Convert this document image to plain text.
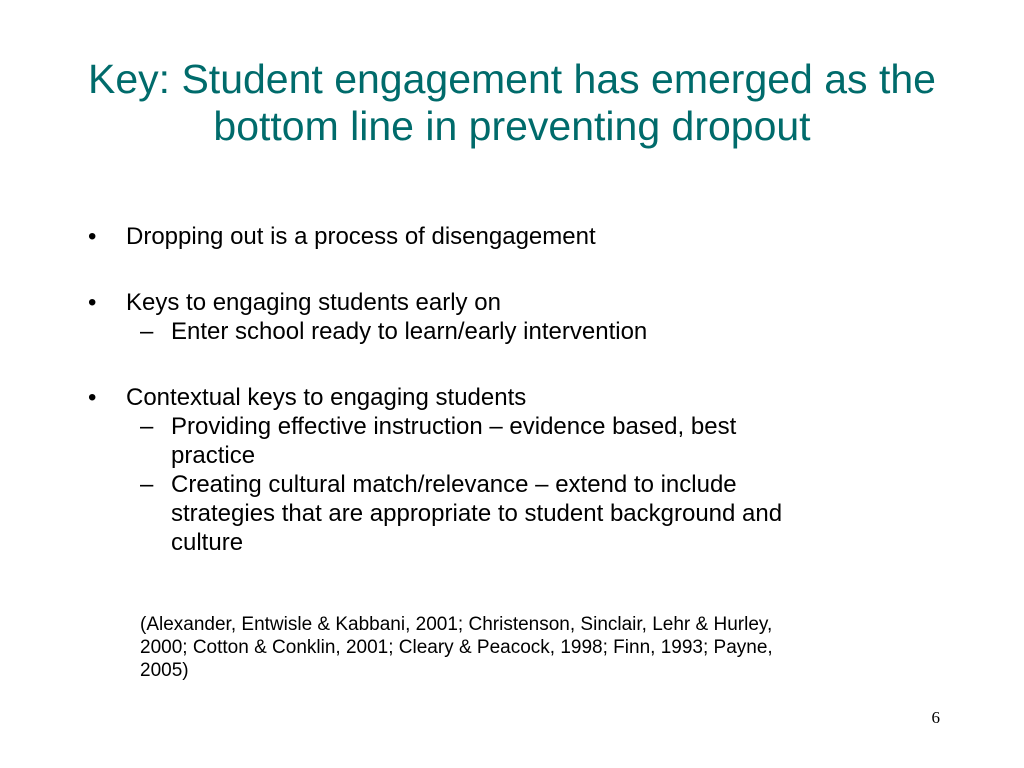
Key: Student engagement has emerged as the
bottom line in preventing dropout
• Dropping out is a process of disengagement
• Keys to engaging students early on
– Enter school ready to learn/early intervention
• Contextual keys to engaging students
– Providing effective instruction – evidence based, best
practice
– Creating cultural match/relevance – extend to include
strategies that are appropriate to student background and
culture
(Alexander, Entwisle & Kabbani, 2001; Christenson, Sinclair, Lehr & Hurley,
2000; Cotton & Conklin, 2001; Cleary & Peacock, 1998; Finn, 1993; Payne,
2005)
6
